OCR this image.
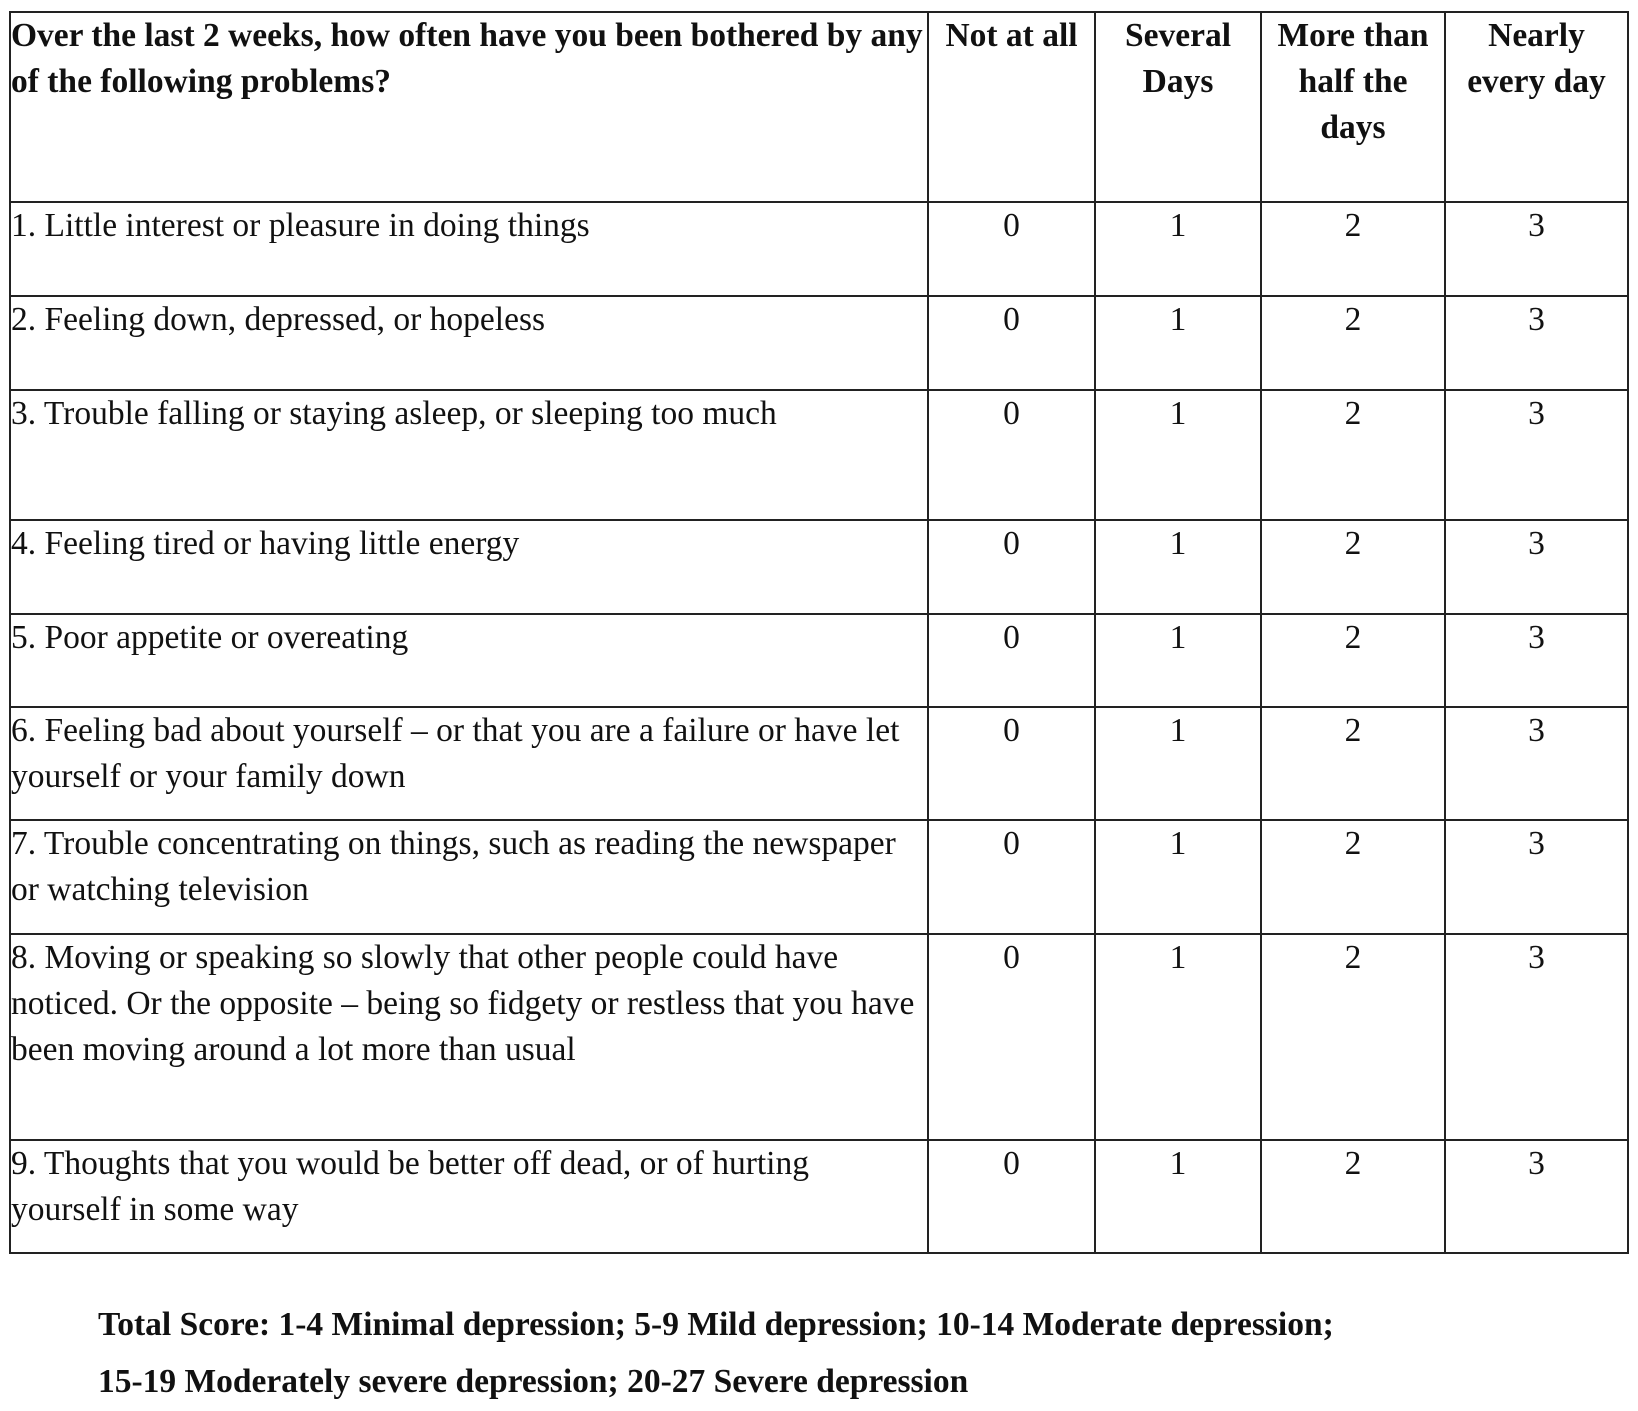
Over the last 2 weeks, how often have you been bothered by any of the following problems?	Not at all	Several Days	More than half the days	Nearly every day
1. Little interest or pleasure in doing things	0	1	2	3
2. Feeling down, depressed, or hopeless	0	1	2	3
3. Trouble falling or staying asleep, or sleeping too much	0	1	2	3
4. Feeling tired or having little energy	0	1	2	3
5. Poor appetite or overeating	0	1	2	3
6. Feeling bad about yourself – or that you are a failure or have let yourself or your family down	0	1	2	3
7. Trouble concentrating on things, such as reading the newspaper or watching television	0	1	2	3
8. Moving or speaking so slowly that other people could have noticed. Or the opposite – being so fidgety or restless that you have been moving around a lot more than usual	0	1	2	3
9. Thoughts that you would be better off dead, or of hurting yourself in some way	0	1	2	3

Total Score: 1-4 Minimal depression; 5-9 Mild depression; 10-14 Moderate depression;
15-19 Moderately severe depression; 20-27 Severe depression
